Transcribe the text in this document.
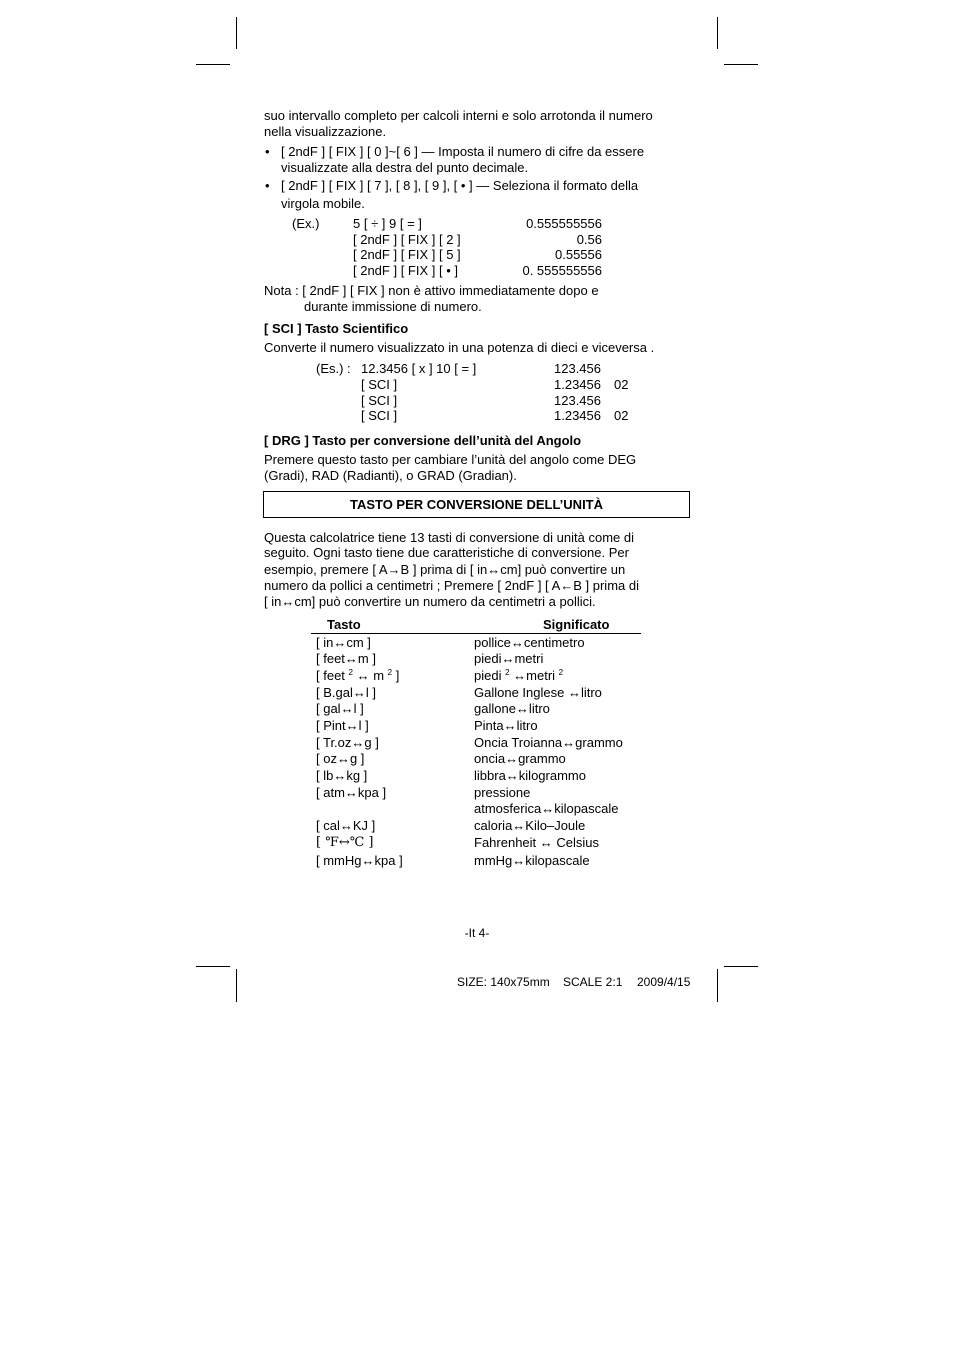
suo intervallo completo per calcoli interni e solo arrotonda il numero
nella visualizzazione.
• [ 2ndF ] [ FIX ] [ 0 ]~[ 6 ] — Imposta il numero di cifre da essere
visualizzate alla destra del punto decimale.
• [ 2ndF ] [ FIX ] [ 7 ], [ 8 ], [ 9 ], [ • ] — Seleziona il formato della
virgola mobile.
(Ex.)	5 [ ÷ ] 9 [ = ]	0.555555556
[ 2ndF ] [ FIX ] [ 2 ]	0.56
[ 2ndF ] [ FIX ] [ 5 ]	0.55556
[ 2ndF ] [ FIX ] [ • ]	0. 555555556
Nota : [ 2ndF ] [ FIX ] non è attivo immediatamente dopo e
durante immissione di numero.
[ SCI ] Tasto Scientifico
Converte il numero visualizzato in una potenza di dieci e viceversa .
(Es.) : 12.3456 [ x ] 10 [ = ]	123.456
[ SCI ]	1.23456 02
[ SCI ]	123.456
[ SCI ]	1.23456 02
[ DRG ] Tasto per conversione dell’unità del Angolo
Premere questo tasto per cambiare l’unità del angolo come DEG
(Gradi), RAD (Radianti), o GRAD (Gradian).
TASTO PER CONVERSIONE DELL’UNITÀ
Questa calcolatrice tiene 13 tasti di conversione di unità come di
seguito. Ogni tasto tiene due caratteristiche di conversione. Per
esempio, premere [ A→B ] prima di [ in↔cm] può convertire un
numero da pollici a centimetri ; Premere [ 2ndF ] [ A←B ] prima di
[ in↔cm] può convertire un numero da centimetri a pollici.
Tasto	Significato
[ in↔cm ]	pollice↔centimetro
[ feet↔m ]	piedi↔metri
[ feet $^2$ ↔ m $^2$ ]	piedi $^2$ ↔metri $^2$
[ B.gal↔l ]	Gallone Inglese ↔litro
[ gal↔l ]	gallone↔litro
[ Pint↔l ]	Pinta↔litro
[ Tr.oz↔g ]	Oncia Troianna↔grammo
[ oz↔g ]	oncia↔grammo
[ lb↔kg ]	libbra↔kilogrammo
[ atm↔kpa ]	pressione
atmosferica↔kilopascale
[ cal↔KJ ]	caloria↔Kilo–Joule
[ ℉↔℃ ]	Fahrenheit ↔ Celsius
[ mmHg↔kpa ]	mmHg↔kilopascale
-It 4-
SIZE: 140x75mm SCALE 2:1 2009/4/15
